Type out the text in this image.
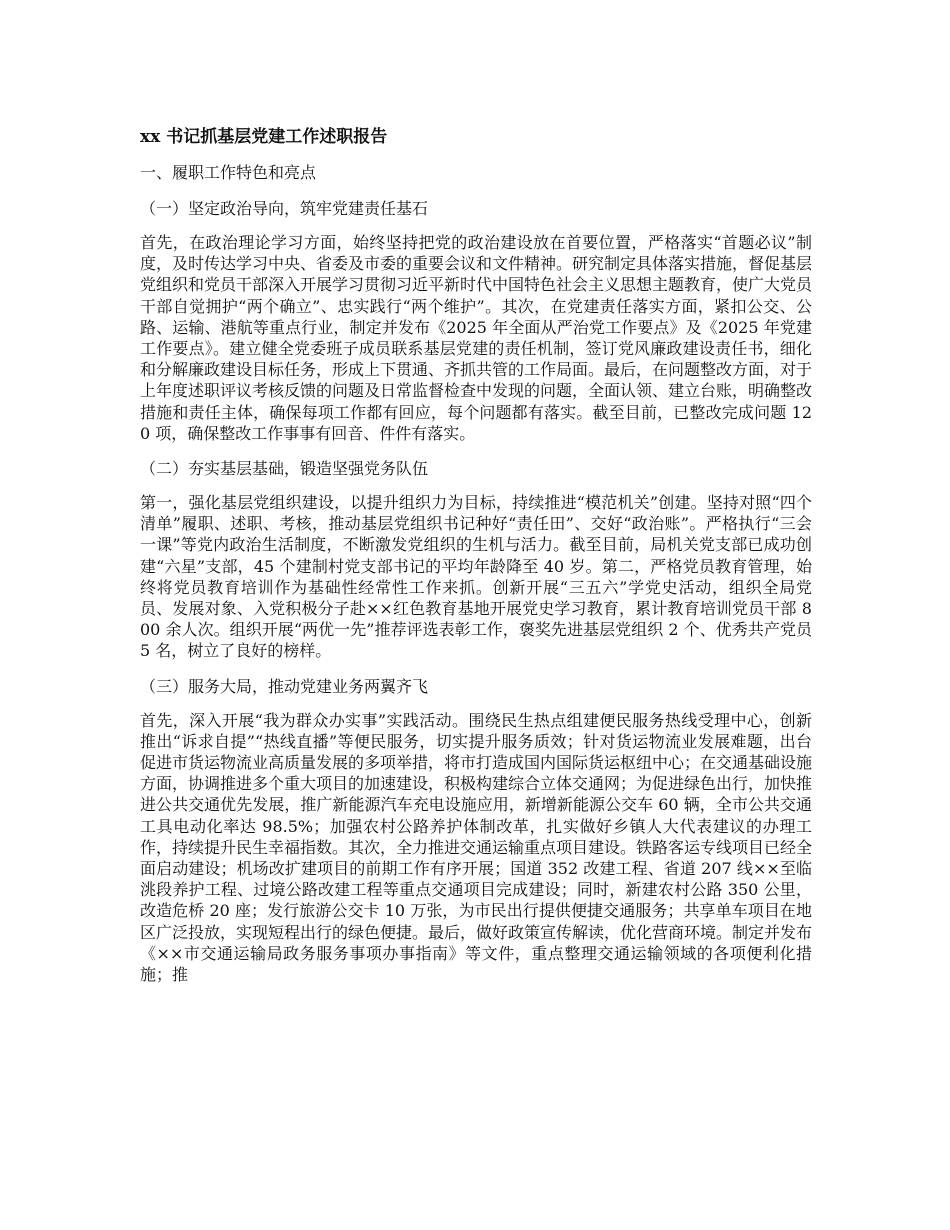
xx 书记抓基层党建工作述职报告
一、履职工作特色和亮点
（一）坚定政治导向，筑牢党建责任基石
首先，在政治理论学习方面，始终坚持把党的政治建设放在首要位置，严格落实“首题必议”制度，及时传达学习中央、省委及市委的重要会议和文件精神。研究制定具体落实措施，督促基层党组织和党员干部深入开展学习贯彻习近平新时代中国特色社会主义思想主题教育，使广大党员干部自觉拥护“两个确立”、忠实践行“两个维护”。其次，在党建责任落实方面，紧扣公交、公路、运输、港航等重点行业，制定并发布《2025 年全面从严治党工作要点》及《2025 年党建工作要点》。建立健全党委班子成员联系基层党建的责任机制，签订党风廉政建设责任书，细化和分解廉政建设目标任务，形成上下贯通、齐抓共管的工作局面。最后，在问题整改方面，对于上年度述职评议考核反馈的问题及日常监督检查中发现的问题，全面认领、建立台账，明确整改措施和责任主体，确保每项工作都有回应，每个问题都有落实。截至目前，已整改完成问题 120 项，确保整改工作事事有回音、件件有落实。
（二）夯实基层基础，锻造坚强党务队伍
第一，强化基层党组织建设，以提升组织力为目标，持续推进“模范机关”创建。坚持对照“四个清单”履职、述职、考核，推动基层党组织书记种好“责任田”、交好“政治账”。严格执行“三会一课”等党内政治生活制度，不断激发党组织的生机与活力。截至目前，局机关党支部已成功创建“六星”支部，45 个建制村党支部书记的平均年龄降至 40 岁。第二，严格党员教育管理，始终将党员教育培训作为基础性经常性工作来抓。创新开展“三五六”学党史活动，组织全局党员、发展对象、入党积极分子赴××红色教育基地开展党史学习教育，累计教育培训党员干部 800 余人次。组织开展“两优一先”推荐评选表彰工作，褒奖先进基层党组织 2 个、优秀共产党员 5 名，树立了良好的榜样。
（三）服务大局，推动党建业务两翼齐飞
首先，深入开展“我为群众办实事”实践活动。围绕民生热点组建便民服务热线受理中心，创新推出“诉求自提”“热线直播”等便民服务，切实提升服务质效；针对货运物流业发展难题，出台促进市货运物流业高质量发展的多项举措，将市打造成国内国际货运枢纽中心；在交通基础设施方面，协调推进多个重大项目的加速建设，积极构建综合立体交通网；为促进绿色出行，加快推进公共交通优先发展，推广新能源汽车充电设施应用，新增新能源公交车 60 辆，全市公共交通工具电动化率达 98.5%；加强农村公路养护体制改革，扎实做好乡镇人大代表建议的办理工作，持续提升民生幸福指数。其次，全力推进交通运输重点项目建设。铁路客运专线项目已经全面启动建设；机场改扩建项目的前期工作有序开展；国道 352 改建工程、省道 207 线××至临洮段养护工程、过境公路改建工程等重点交通项目完成建设；同时，新建农村公路 350 公里，改造危桥 20 座；发行旅游公交卡 10 万张，为市民出行提供便捷交通服务；共享单车项目在地区广泛投放，实现短程出行的绿色便捷。最后，做好政策宣传解读，优化营商环境。制定并发布《××市交通运输局政务服务事项办事指南》等文件，重点整理交通运输领域的各项便利化措施；推
